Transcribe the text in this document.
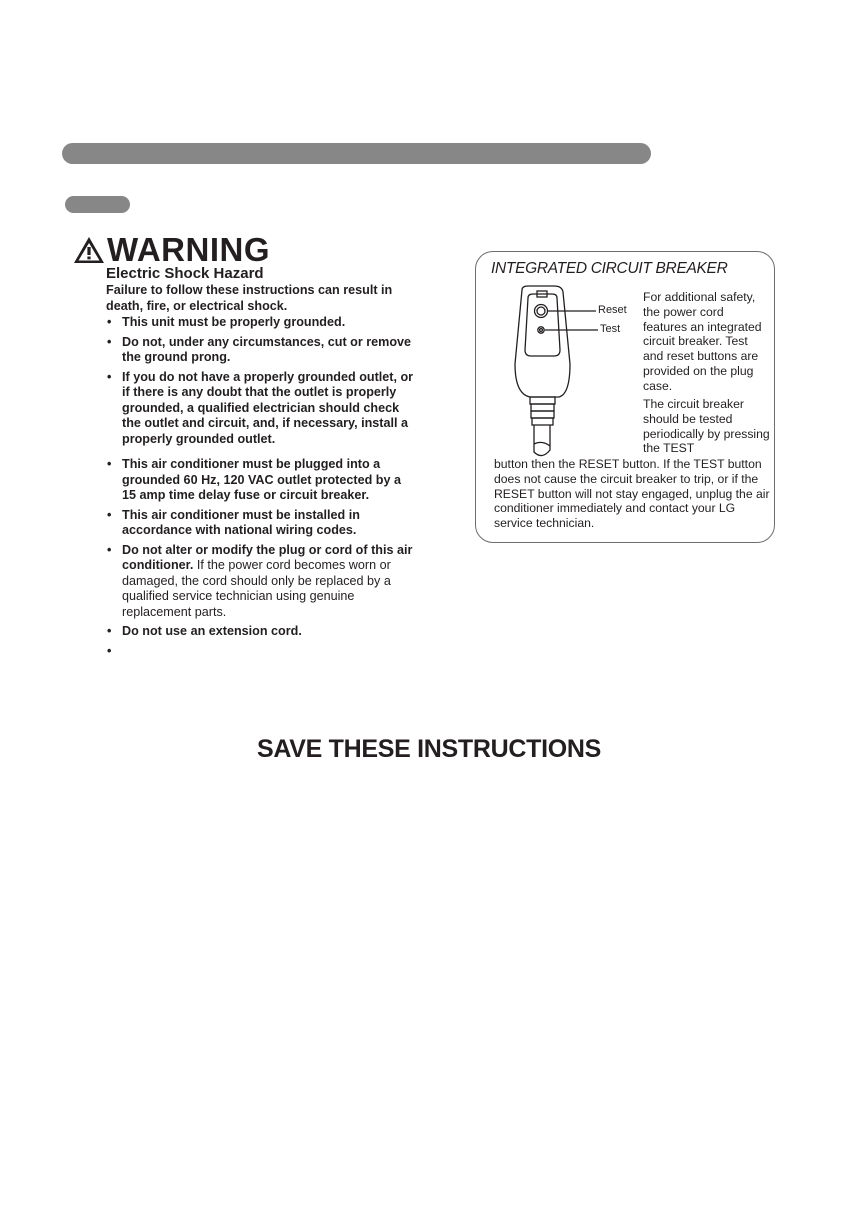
WARNING
Electric Shock Hazard
Failure to follow these instructions can result in death, fire, or electrical shock.
• This unit must be properly grounded.
• Do not, under any circumstances, cut or remove the ground prong.
• If you do not have a properly grounded outlet, or if there is any doubt that the outlet is properly grounded, a qualified electrician should check the outlet and circuit, and, if necessary, install a properly grounded outlet.
• This air conditioner must be plugged into a grounded 60 Hz, 120 VAC outlet protected by a 15 amp time delay fuse or circuit breaker.
• This air conditioner must be installed in accordance with national wiring codes.
• Do not alter or modify the plug or cord of this air conditioner. If the power cord becomes worn or damaged, the cord should only be replaced by a qualified service technician using genuine replacement parts.
• Do not use an extension cord.
•

INTEGRATED CIRCUIT BREAKER
Reset
Test
For additional safety, the power cord features an integrated circuit breaker. Test and reset buttons are provided on the plug case.
The circuit breaker should be tested periodically by pressing the TEST
button then the RESET button. If the TEST button does not cause the circuit breaker to trip, or if the RESET button will not stay engaged, unplug the air conditioner immediately and contact your LG service technician.
SAVE THESE INSTRUCTIONS
